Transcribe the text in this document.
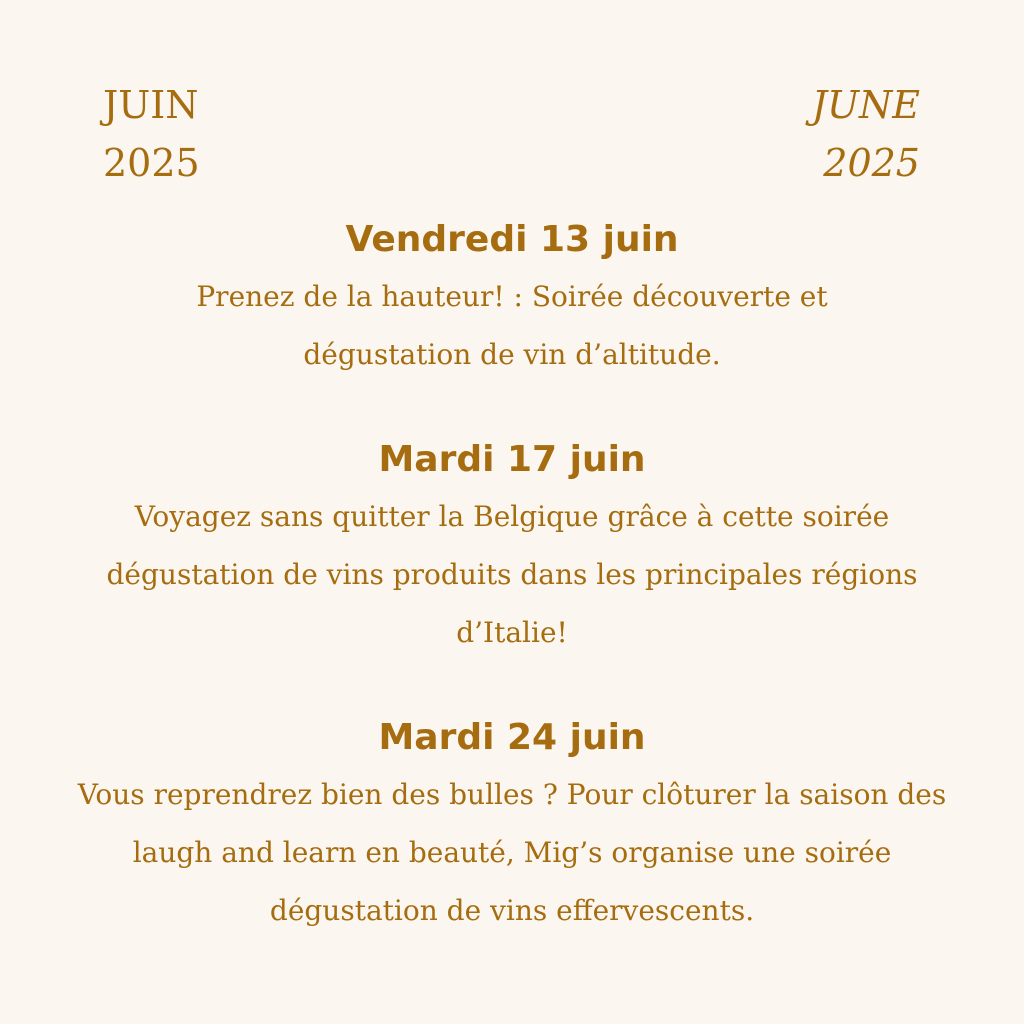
JUIN
2025
JUNE
2025
Vendredi 13 juin

Prenez de la hauteur! : Soirée découverte et dégustation de vin d’altitude.

Mardi 17 juin

Voyagez sans quitter la Belgique grâce à cette soirée dégustation de vins produits dans les principales régions d’Italie!

Mardi 24 juin

Vous reprendrez bien des bulles ? Pour clôturer la saison des laugh and learn en beauté, Mig’s organise une soirée dégustation de vins effervescents.
